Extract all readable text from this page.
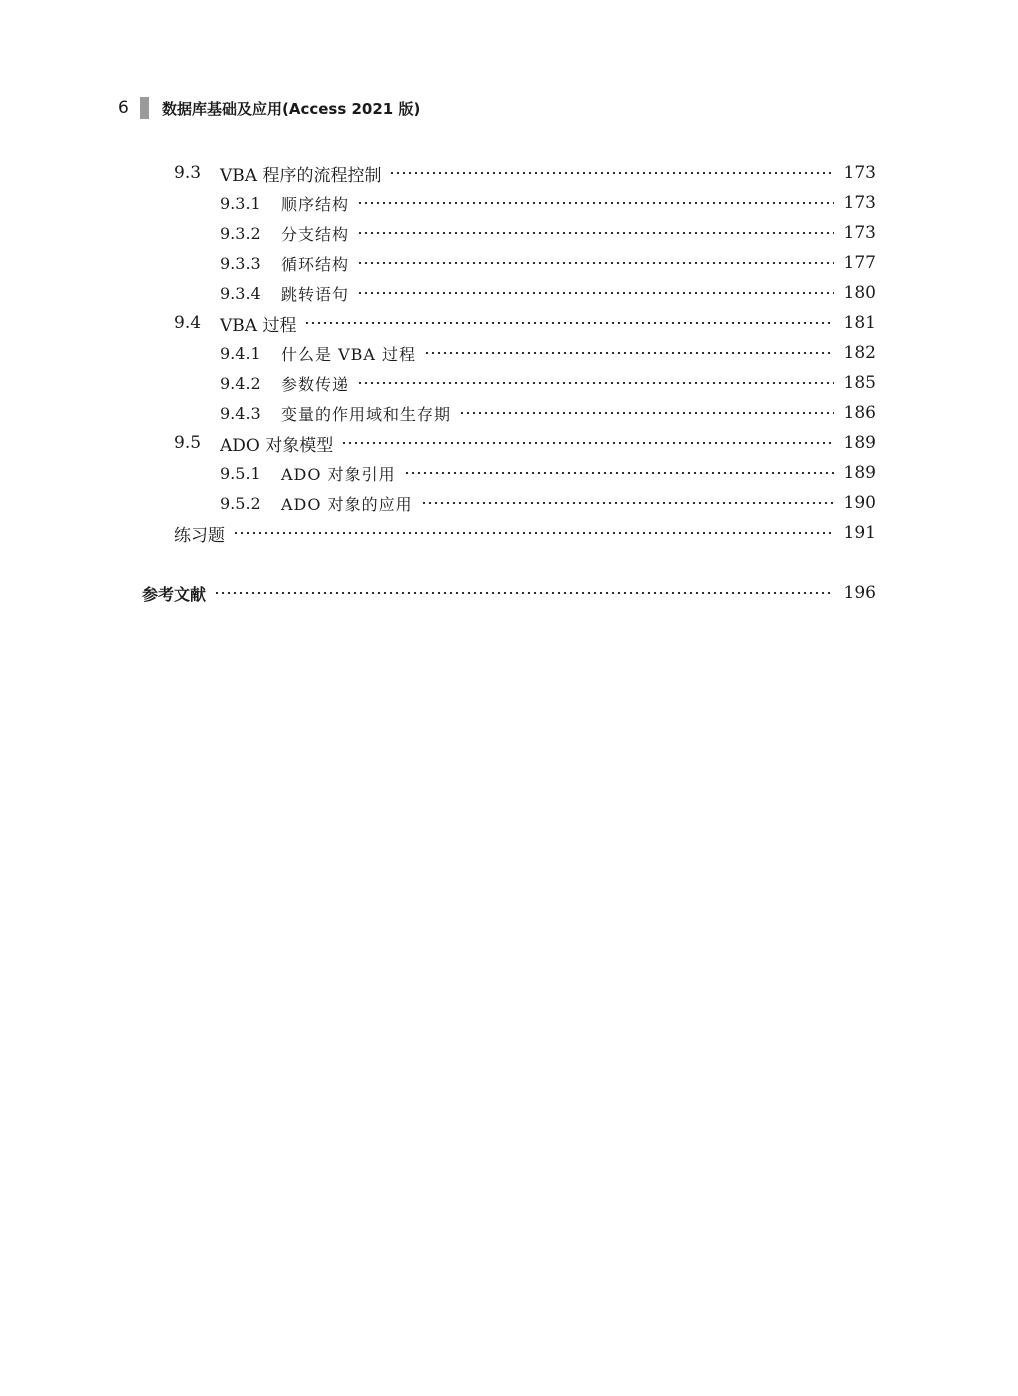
6	数据库基础及应用(Access 2021 版)
9.3	VBA 程序的流程控制	173
9.3.1	顺序结构	173
9.3.2	分支结构	173
9.3.3	循环结构	177
9.3.4	跳转语句	180
9.4	VBA 过程	181
9.4.1	什么是 VBA 过程	182
9.4.2	参数传递	185
9.4.3	变量的作用域和生存期	186
9.5	ADO 对象模型	189
9.5.1	ADO 对象引用	189
9.5.2	ADO 对象的应用	190
练习题	191
参考文献	196
